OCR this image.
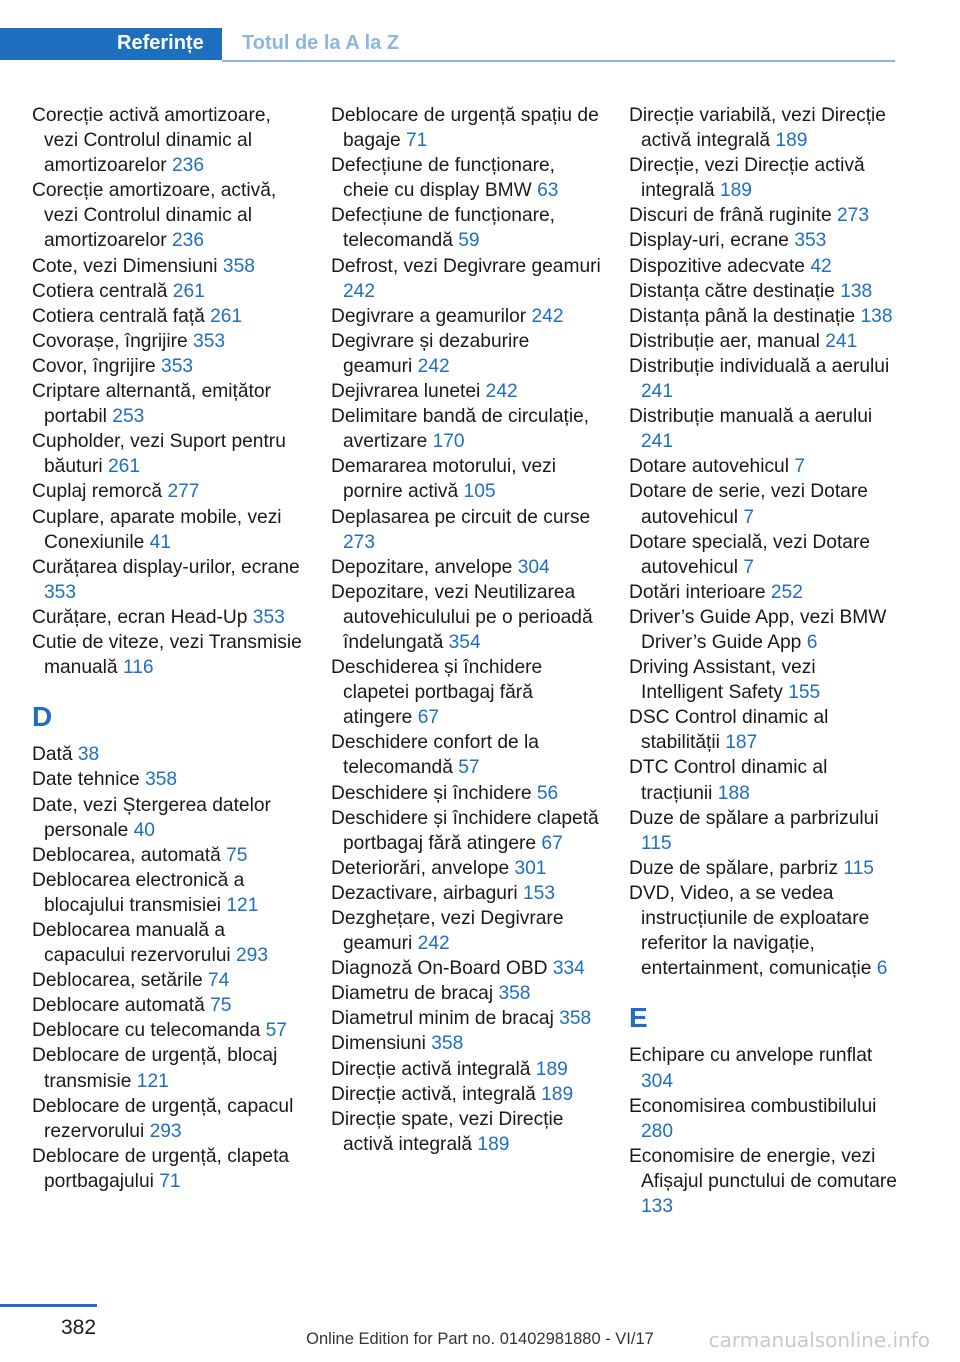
Referințe Totul de la A la Z
Corecție activă amortizoare, vezi Controlul dinamic al amortizoarelor 236
Corecție amortizoare, activă, vezi Controlul dinamic al amortizoarelor 236
Cote, vezi Dimensiuni 358
Cotiera centrală 261
Cotiera centrală față 261
Covorașe, îngrijire 353
Covor, îngrijire 353
Criptare alternantă, emițător portabil 253
Cupholder, vezi Suport pentru băuturi 261
Cuplaj remorcă 277
Cuplare, aparate mobile, vezi Conexiunile 41
Curățarea display-urilor, ecrane 353
Curățare, ecran Head-Up 353
Cutie de viteze, vezi Transmisie manuală 116
D
Dată 38
Date tehnice 358
Date, vezi Ștergerea datelor personale 40
Deblocarea, automată 75
Deblocarea electronică a blocajului transmisiei 121
Deblocarea manuală a capacului rezervorului 293
Deblocarea, setările 74
Deblocare automată 75
Deblocare cu telecomanda 57
Deblocare de urgență, blocaj transmisie 121
Deblocare de urgență, capacul rezervorului 293
Deblocare de urgență, clapeta portbagajului 71
Deblocare de urgență spațiu de bagaje 71
Defecțiune de funcționare, cheie cu display BMW 63
Defecțiune de funcționare, telecomandă 59
Defrost, vezi Degivrare geamuri 242
Degivrare a geamurilor 242
Degivrare și dezaburire geamuri 242
Dejivrarea lunetei 242
Delimitare bandă de circulație, avertizare 170
Demararea motorului, vezi pornire activă 105
Deplasarea pe circuit de curse 273
Depozitare, anvelope 304
Depozitare, vezi Neutilizarea autovehiculului pe o perioadă îndelungată 354
Deschiderea și închidere clapetei portbagaj fără atingere 67
Deschidere confort de la telecomandă 57
Deschidere și închidere 56
Deschidere și închidere clapetă portbagaj fără atingere 67
Deteriorări, anvelope 301
Dezactivare, airbaguri 153
Dezghețare, vezi Degivrare geamuri 242
Diagnoză On-Board OBD 334
Diametru de bracaj 358
Diametrul minim de bracaj 358
Dimensiuni 358
Direcție activă integrală 189
Direcție activă, integrală 189
Direcție spate, vezi Direcție activă integrală 189
Direcție variabilă, vezi Direcție activă integrală 189
Direcție, vezi Direcție activă integrală 189
Discuri de frână ruginite 273
Display-uri, ecrane 353
Dispozitive adecvate 42
Distanța către destinație 138
Distanța până la destinație 138
Distribuție aer, manual 241
Distribuție individuală a aerului 241
Distribuție manuală a aerului 241
Dotare autovehicul 7
Dotare de serie, vezi Dotare autovehicul 7
Dotare specială, vezi Dotare autovehicul 7
Dotări interioare 252
Driver’s Guide App, vezi BMW Driver’s Guide App 6
Driving Assistant, vezi Intelligent Safety 155
DSC Control dinamic al stabilității 187
DTC Control dinamic al tracțiunii 188
Duze de spălare a parbrizului 115
Duze de spălare, parbriz 115
DVD, Video, a se vedea instrucțiunile de exploatare referitor la navigație, entertainment, comunicație 6
E
Echipare cu anvelope runflat 304
Economisirea combustibilului 280
Economisire de energie, vezi Afișajul punctului de comutare 133
382	Online Edition for Part no. 01402981880 - VI/17	carmanualsonline.info
